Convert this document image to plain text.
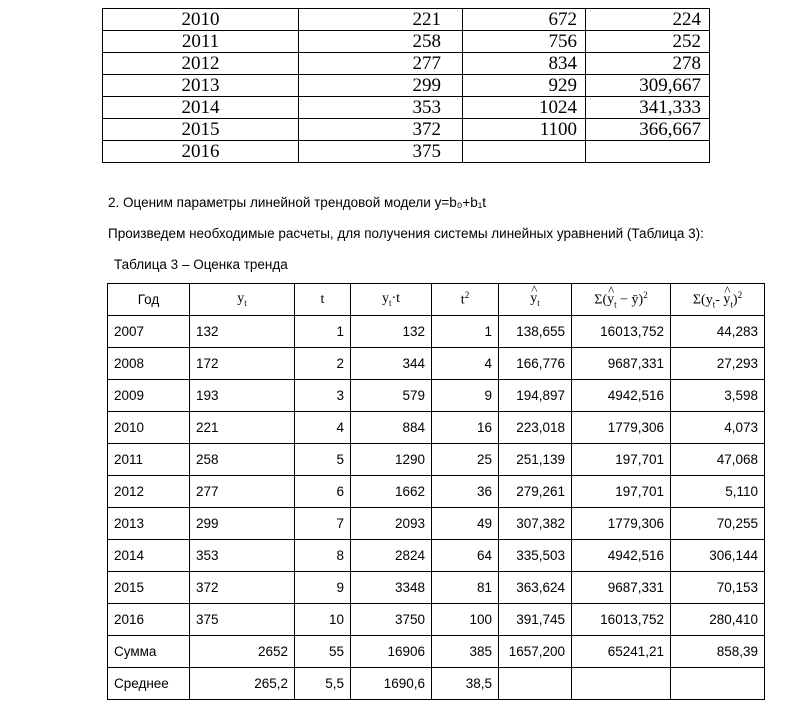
2010	221	672	224
2011	258	756	252
2012	277	834	278
2013	299	929	309,667
2014	353	1024	341,333
2015	372	1100	366,667
2016	375		
2. Оценим параметры линейной трендовой модели y=b₀+b₁t
Произведем необходимые расчеты, для получения системы линейных уравнений (Таблица 3):
Таблица 3 – Оценка тренда
Год	$y_t$	t	$y_t\cdot t$	$t^2$	^ $y_t$	Σ(^ $y_t$ − ȳ)$^2$	$\Sigma(y_t-$ ^ $y_t)^2$
2007	132	1	132	1	138,655	16013,752	44,283
2008	172	2	344	4	166,776	9687,331	27,293
2009	193	3	579	9	194,897	4942,516	3,598
2010	221	4	884	16	223,018	1779,306	4,073
2011	258	5	1290	25	251,139	197,701	47,068
2012	277	6	1662	36	279,261	197,701	5,110
2013	299	7	2093	49	307,382	1779,306	70,255
2014	353	8	2824	64	335,503	4942,516	306,144
2015	372	9	3348	81	363,624	9687,331	70,153
2016	375	10	3750	100	391,745	16013,752	280,410
Сумма	2652	55	16906	385	1657,200	65241,21	858,39
Среднее	265,2	5,5	1690,6	38,5			
